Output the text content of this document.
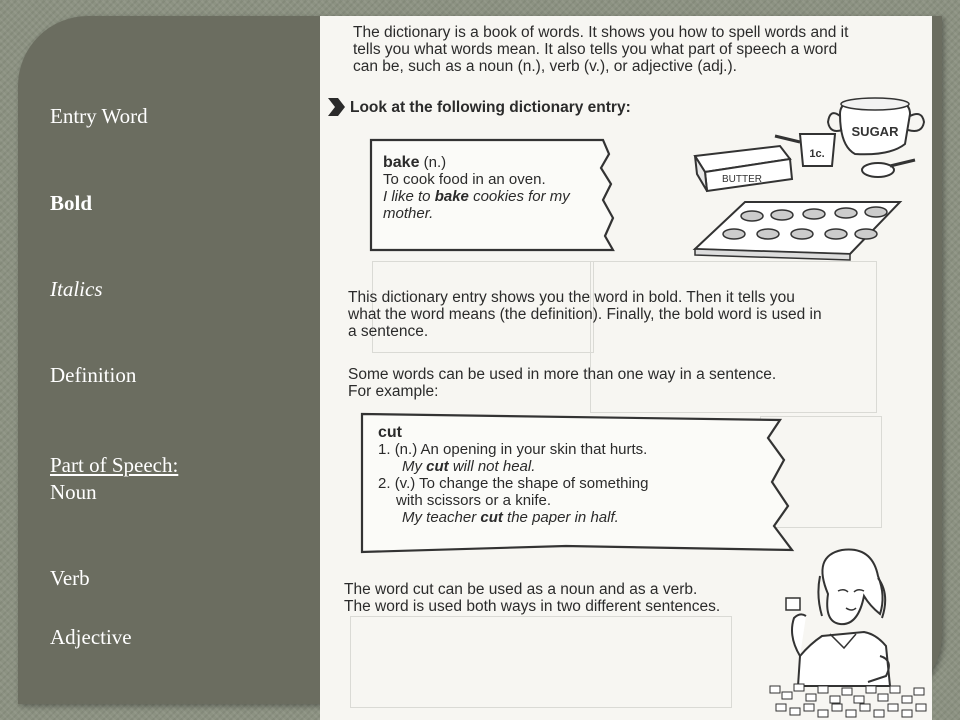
Entry Word
Bold
Italics
Definition
Part of Speech:
Noun
Verb
Adjective
The dictionary is a book of words. It shows you how to spell words and it
tells you what words mean. It also tells you what part of speech a word
can be, such as a noun (n.), verb (v.), or adjective (adj.).
Look at the following dictionary entry:
SUGAR
1c.
BUTTER
bake (n.)
To cook food in an oven.
I like to bake cookies for my
mother.
This dictionary entry shows you the word in bold. Then it tells you
what the word means (the definition). Finally, the bold word is used in
a sentence.
Some words can be used in more than one way in a sentence.
For example:
cut
1. (n.) An opening in your skin that hurts.
My cut will not heal.
2. (v.) To change the shape of something
with scissors or a knife.
My teacher cut the paper in half.
The word cut can be used as a noun and as a verb.
The word is used both ways in two different sentences.
